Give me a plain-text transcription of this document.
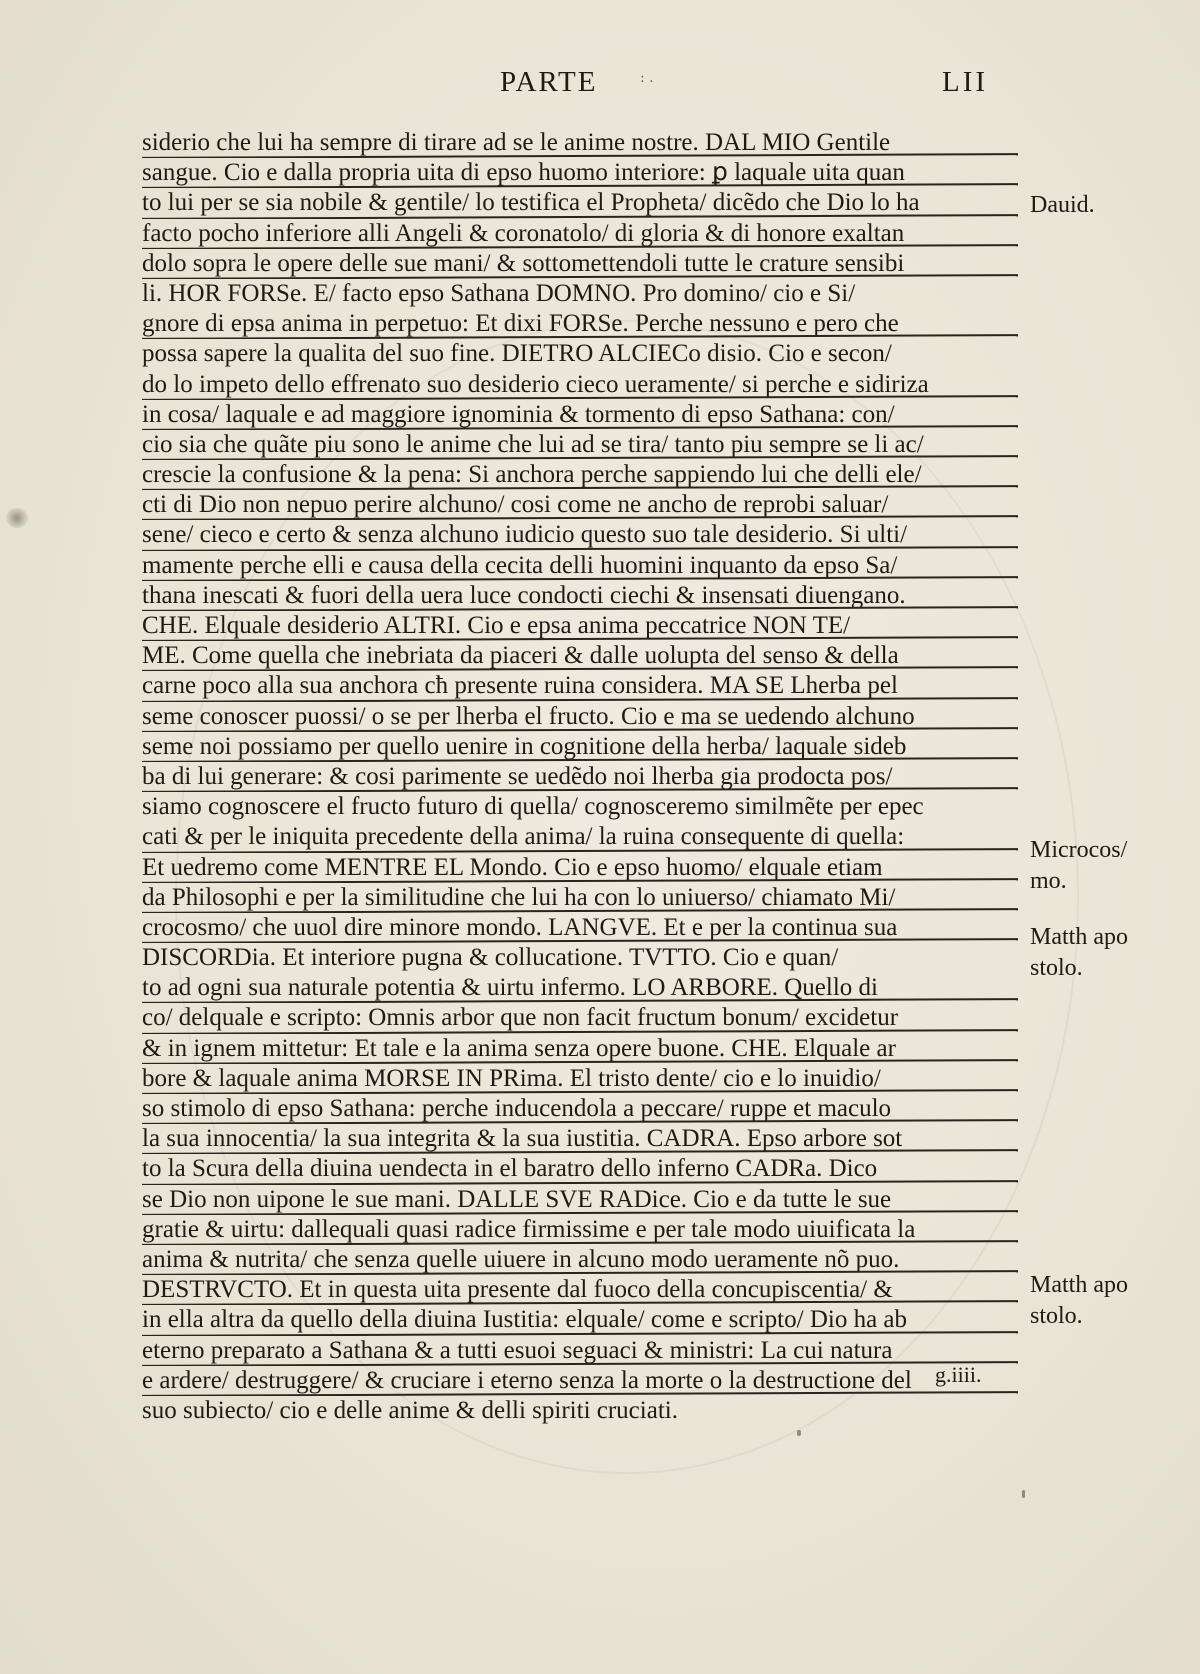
PARTE	: .	LII
siderio che lui ha sempre di tirare ad se le anime nostre. DAL MIO Gentile
sangue. Cio e dalla propria uita di epso huomo interiore: ꝑ laquale uita quan
to lui per se sia nobile & gentile/ lo testifica el Propheta/ dicẽdo che Dio lo ha
facto pocho inferiore alli Angeli & coronatolo/ di gloria & di honore exaltan
dolo sopra le opere delle sue mani/ & sottomettendoli tutte le crature sensibi
li. HOR FORSe. E/ facto epso Sathana DOMNO. Pro domino/ cio e Si/
gnore di epsa anima in perpetuo: Et dixi FORSe. Perche nessuno e pero che
possa sapere la qualita del suo fine. DIETRO ALCIECo disio. Cio e secon/
do lo impeto dello effrenato suo desiderio cieco ueramente/ si perche e sidiriza
in cosa/ laquale e ad maggiore ignominia & tormento di epso Sathana: con/
cio sia che quãte piu sono le anime che lui ad se tira/ tanto piu sempre se li ac/
crescie la confusione & la pena: Si anchora perche sappiendo lui che delli ele/
cti di Dio non nepuo perire alchuno/ cosi come ne ancho de reprobi saluar/
sene/ cieco e certo & senza alchuno iudicio questo suo tale desiderio. Si ulti/
mamente perche elli e causa della cecita delli huomini inquanto da epso Sa/
thana inescati & fuori della uera luce condocti ciechi & insensati diuengano.
CHE. Elquale desiderio ALTRI. Cio e epsa anima peccatrice NON TE/
ME. Come quella che inebriata da piaceri & dalle uolupta del senso & della
carne poco alla sua anchora cħ presente ruina considera. MA SE Lherba pel
seme conoscer puossi/ o se per lherba el fructo. Cio e ma se uedendo alchuno
seme noi possiamo per quello uenire in cognitione della herba/ laquale sideb
ba di lui generare: & cosi parimente se uedẽdo noi lherba gia prodocta pos/
siamo cognoscere el fructo futuro di quella/ cognosceremo similmẽte per epec
cati & per le iniquita precedente della anima/ la ruina consequente di quella:
Et uedremo come MENTRE EL Mondo. Cio e epso huomo/ elquale etiam
da Philosophi e per la similitudine che lui ha con lo uniuerso/ chiamato Mi/
crocosmo/ che uuol dire minore mondo. LANGVE. Et e per la continua sua
DISCORDia. Et interiore pugna & collucatione. TVTTO. Cio e quan/
to ad ogni sua naturale potentia & uirtu infermo. LO ARBORE. Quello di
co/ delquale e scripto: Omnis arbor que non facit fructum bonum/ excidetur
& in ignem mittetur: Et tale e la anima senza opere buone. CHE. Elquale ar
bore & laquale anima MORSE IN PRima. El tristo dente/ cio e lo inuidio/
so stimolo di epso Sathana: perche inducendola a peccare/ ruppe et maculo
la sua innocentia/ la sua integrita & la sua iustitia. CADRA. Epso arbore sot
to la Scura della diuina uendecta in el baratro dello inferno CADRa. Dico
se Dio non uipone le sue mani. DALLE SVE RADice. Cio e da tutte le sue
gratie & uirtu: dallequali quasi radice firmissime e per tale modo uiuificata la
anima & nutrita/ che senza quelle uiuere in alcuno modo ueramente nõ puo.
DESTRVCTO. Et in questa uita presente dal fuoco della concupiscentia/ &
in ella altra da quello della diuina Iustitia: elquale/ come e scripto/ Dio ha ab
eterno preparato a Sathana & a tutti esuoi seguaci & ministri: La cui natura
e ardere/ destruggere/ & cruciare i eterno senza la morte o la destructione del
suo subiecto/ cio e delle anime & delli spiriti cruciati.
Dauid.
Microcos/
mo.
Matth apo
stolo.
Matth apo
stolo.
g.iiii.
